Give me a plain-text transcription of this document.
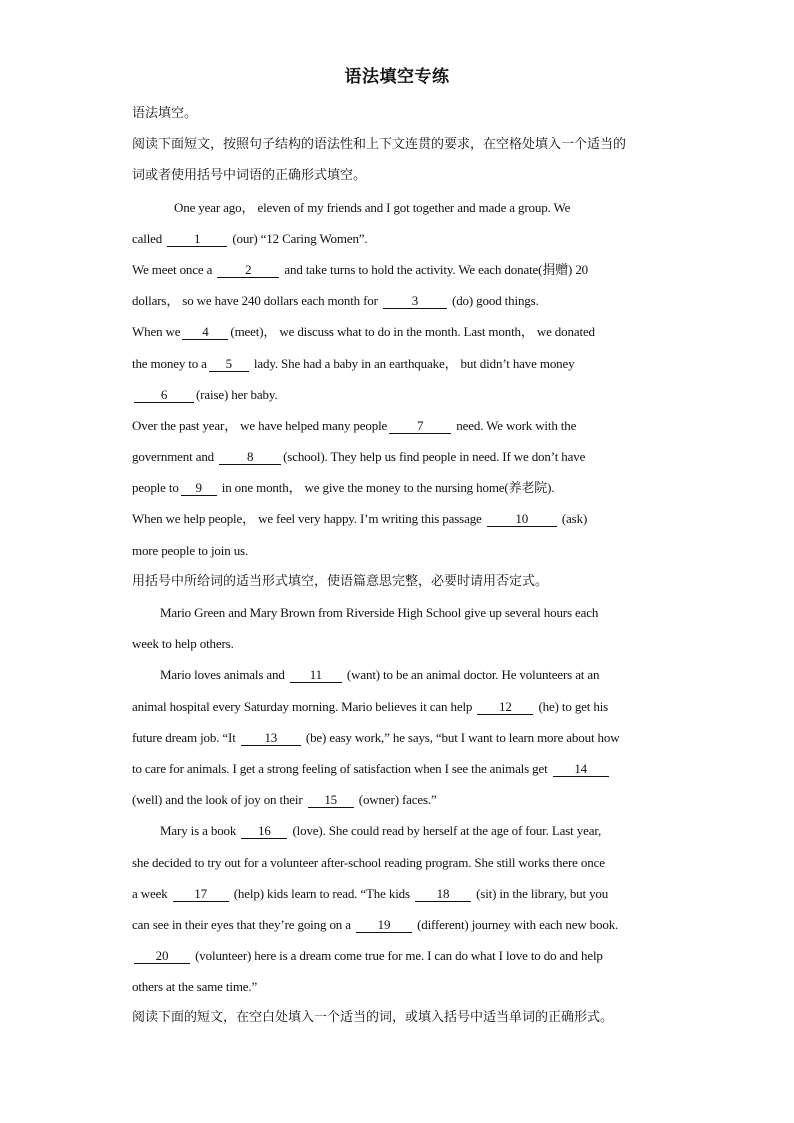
语法填空专练
语法填空。
阅读下面短文，按照句子结构的语法性和上下文连贯的要求，在空格处填入一个适当的
词或者使用括号中词语的正确形式填空。
One year ago， eleven of my friends and I got together and made a group. We
called 1 (our) “12 Caring Women”.
We meet once a 2 and take turns to hold the activity. We each donate(捐赠) 20
dollars， so we have 240 dollars each month for 3 (do) good things.
When we 4 (meet)， we discuss what to do in the month. Last month， we donated
the money to a 5 lady. She had a baby in an earthquake， but didn’t have money
6 (raise) her baby.
Over the past year， we have helped many people 7 need. We work with the
government and 8 (school). They help us find people in need. If we don’t have
people to 9 in one month， we give the money to the nursing home(养老院).
When we help people， we feel very happy. I’m writing this passage 10 (ask)
more people to join us.
用括号中所给词的适当形式填空，使语篇意思完整，必要时请用否定式。
Mario Green and Mary Brown from Riverside High School give up several hours each
week to help others.
Mario loves animals and 11 (want) to be an animal doctor. He volunteers at an
animal hospital every Saturday morning. Mario believes it can help 12 (he) to get his
future dream job. “It 13 (be) easy work,” he says, “but I want to learn more about how
to care for animals. I get a strong feeling of satisfaction when I see the animals get 14
(well) and the look of joy on their 15 (owner) faces.”
Mary is a book 16 (love). She could read by herself at the age of four. Last year,
she decided to try out for a volunteer after-school reading program. She still works there once
a week 17 (help) kids learn to read. “The kids 18 (sit) in the library, but you
can see in their eyes that they’re going on a 19 (different) journey with each new book.
20 (volunteer) here is a dream come true for me. I can do what I love to do and help
others at the same time.”
阅读下面的短文，在空白处填入一个适当的词，或填入括号中适当单词的正确形式。
